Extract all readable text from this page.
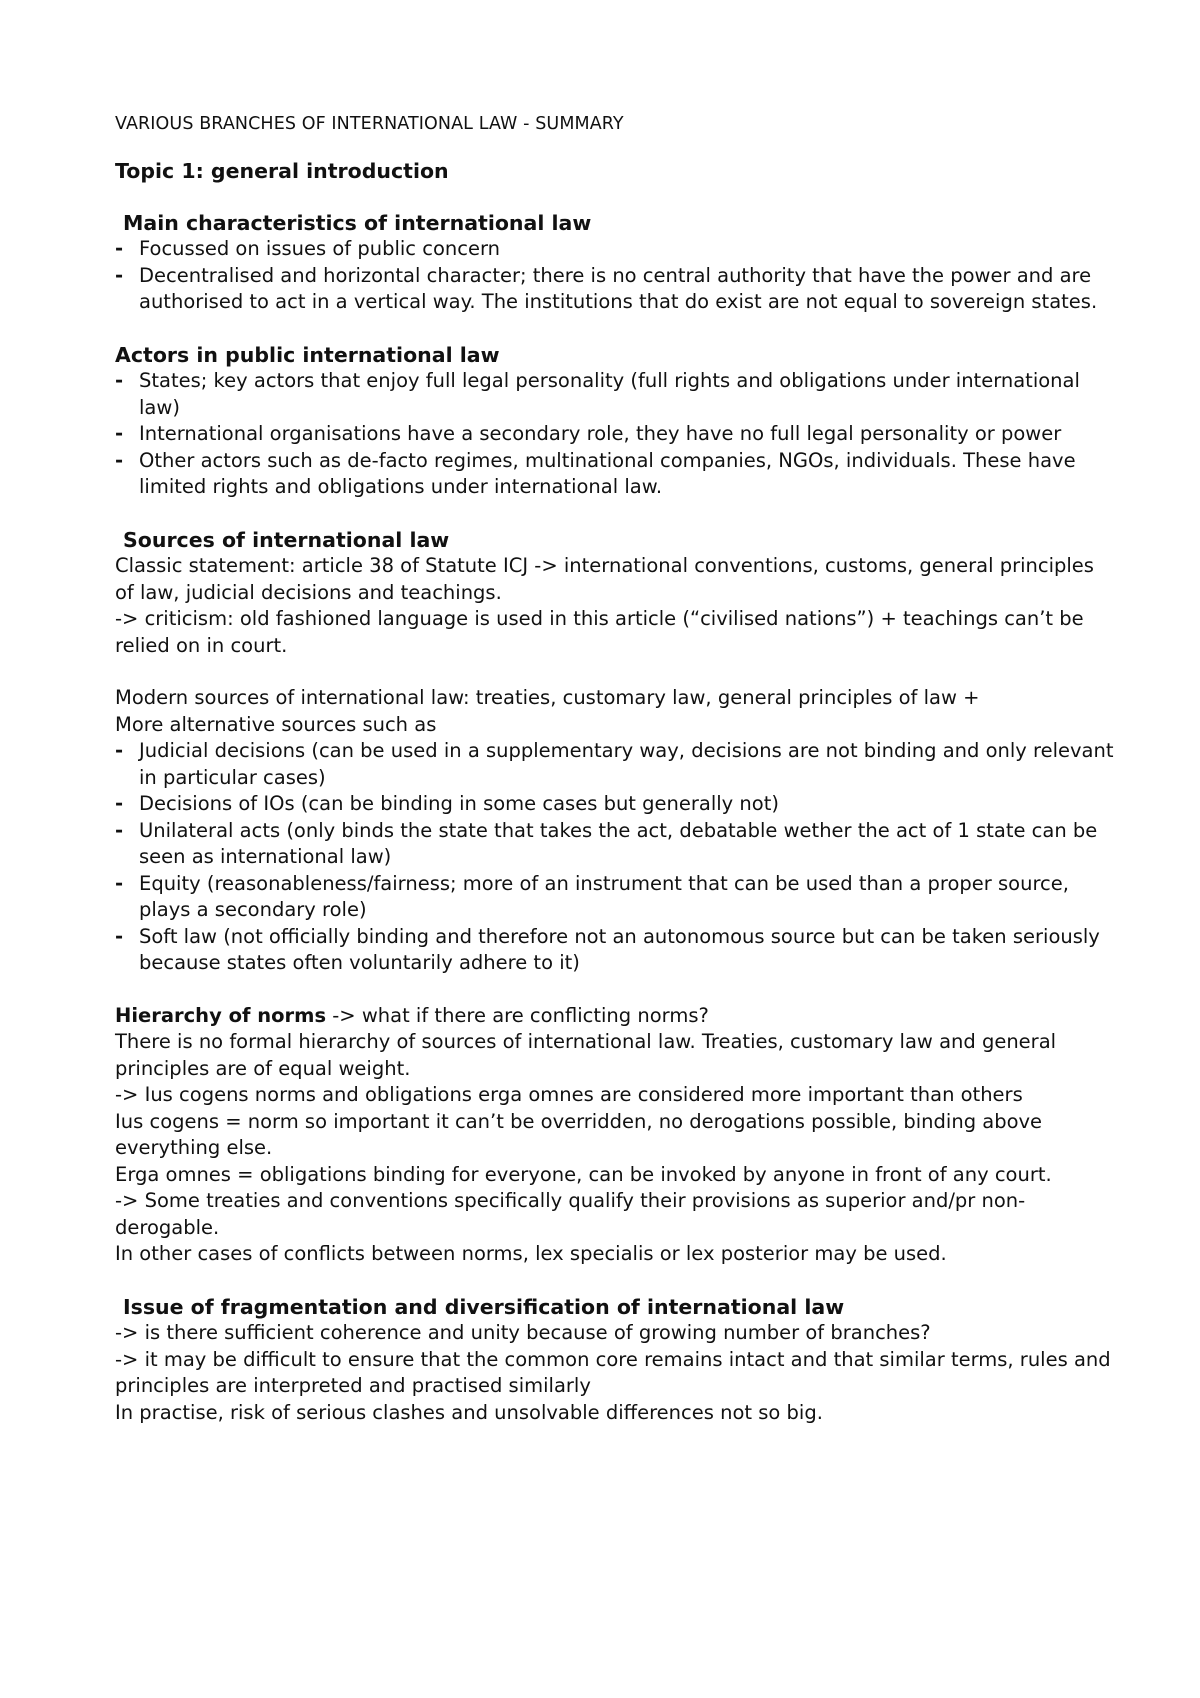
VARIOUS BRANCHES OF INTERNATIONAL LAW - SUMMARY
Topic 1: general introduction
Main characteristics of international law
- Focussed on issues of public concern
- Decentralised and horizontal character; there is no central authority that have the power and are authorised to act in a vertical way. The institutions that do exist are not equal to sovereign states.
Actors in public international law
- States; key actors that enjoy full legal personality (full rights and obligations under international law)
- International organisations have a secondary role, they have no full legal personality or power
- Other actors such as de-facto regimes, multinational companies, NGOs, individuals. These have limited rights and obligations under international law.
Sources of international law

Classic statement: article 38 of Statute ICJ -> international conventions, customs, general principles of law, judicial decisions and teachings.

-> criticism: old fashioned language is used in this article (“civilised nations”) + teachings can’t be relied on in court.

Modern sources of international law: treaties, customary law, general principles of law +

More alternative sources such as

- Judicial decisions (can be used in a supplementary way, decisions are not binding and only relevant in particular cases)
- Decisions of IOs (can be binding in some cases but generally not)
- Unilateral acts (only binds the state that takes the act, debatable wether the act of 1 state can be seen as international law)
- Equity (reasonableness/fairness; more of an instrument that can be used than a proper source, plays a secondary role)
- Soft law (not officially binding and therefore not an autonomous source but can be taken seriously because states often voluntarily adhere to it)

Hierarchy of norms -> what if there are conflicting norms?

There is no formal hierarchy of sources of international law. Treaties, customary law and general principles are of equal weight.

-> Ius cogens norms and obligations erga omnes are considered more important than others

Ius cogens = norm so important it can’t be overridden, no derogations possible, binding above everything else.

Erga omnes = obligations binding for everyone, can be invoked by anyone in front of any court.

-> Some treaties and conventions specifically qualify their provisions as superior and/pr non-derogable.

In other cases of conflicts between norms, lex specialis or lex posterior may be used.

Issue of fragmentation and diversification of international law

-> is there sufficient coherence and unity because of growing number of branches?

-> it may be difficult to ensure that the common core remains intact and that similar terms, rules and principles are interpreted and practised similarly

In practise, risk of serious clashes and unsolvable differences not so big.
